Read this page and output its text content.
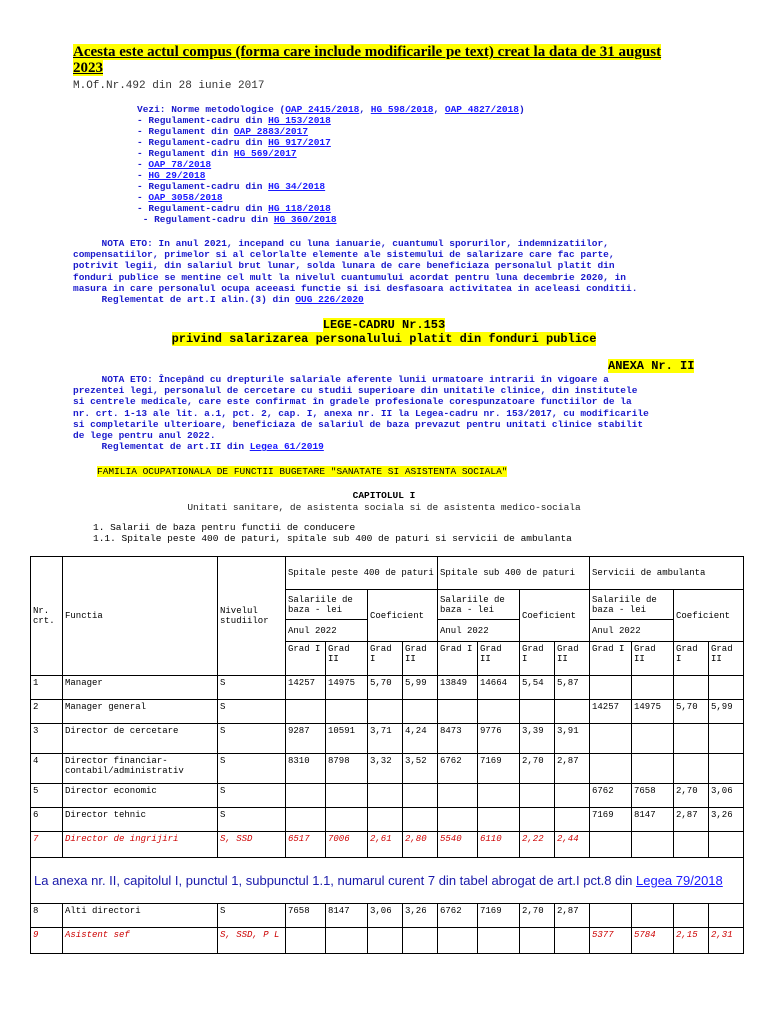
Acesta este actul compus (forma care include modificarile pe text) creat la data de 31 august 2023
M.Of.Nr.492 din 28 iunie 2017
Vezi: Norme metodologice (OAP 2415/2018, HG 598/2018, OAP 4827/2018)
- Regulament-cadru din HG 153/2018
- Regulament din OAP 2883/2017
- Regulament-cadru din HG 917/2017
- Regulament din HG 569/2017
- OAP 78/2018
- HG 29/2018
- Regulament-cadru din HG 34/2018
- OAP 3058/2018
- Regulament-cadru din HG 118/2018
- Regulament-cadru din HG 360/2018
NOTA ETO: In anul 2021, incepand cu luna ianuarie, cuantumul sporurilor, indemnizatiilor,
compensatiilor, primelor si al celorlalte elemente ale sistemului de salarizare care fac parte,
potrivit legii, din salariul brut lunar, solda lunara de care beneficiaza personalul platit din
fonduri publice se mentine cel mult la nivelul cuantumului acordat pentru luna decembrie 2020, in
masura in care personalul ocupa aceeasi functie si isi desfasoara activitatea in aceleasi conditii.
Reglementat de art.I alin.(3) din OUG 226/2020
LEGE-CADRU Nr.153
privind salarizarea personalului platit din fonduri publice
ANEXA Nr. II
NOTA ETO: Începând cu drepturile salariale aferente lunii urmatoare intrarii în vigoare a
prezentei legi, personalul de cercetare cu studii superioare din unitatile clinice, din institutele
si centrele medicale, care este confirmat în gradele profesionale corespunzatoare functiilor de la
nr. crt. 1-13 ale lit. a.1, pct. 2, cap. I, anexa nr. II la Legea-cadru nr. 153/2017, cu modificarile
si completarile ulterioare, beneficiaza de salariul de baza prevazut pentru unitati clinice stabilit
de lege pentru anul 2022.
Reglementat de art.II din Legea 61/2019
FAMILIA OCUPATIONALA DE FUNCTII BUGETARE "SANATATE SI ASISTENTA SOCIALA"
CAPITOLUL I
Unitati sanitare, de asistenta sociala si de asistenta medico-sociala
1. Salarii de baza pentru functii de conducere
1.1. Spitale peste 400 de paturi, spitale sub 400 de paturi si servicii de ambulanta
Nr. crt.	Functia	Nivelul studiilor	Spitale peste 400 de paturi				Spitale sub 400 de paturi				Servicii de ambulanta			
			Salariile de baza - lei		Coeficient		Salariile de baza - lei		Coeficient		Salariile de baza - lei		Coeficient	
			Anul 2022				Anul 2022				Anul 2022			
			Grad I	Grad II	Grad I	Grad II	Grad I	Grad II	Grad I	Grad II	Grad I	Grad II	Grad I	Grad II
1	Manager	S	14257	14975	5,70	5,99	13849	14664	5,54	5,87				
2	Manager general	S									14257	14975	5,70	5,99
3	Director de cercetare	S	9287	10591	3,71	4,24	8473	9776	3,39	3,91				
4	Director financiar-contabil/administrativ	S	8310	8798	3,32	3,52	6762	7169	2,70	2,87				
5	Director economic	S									6762	7658	2,70	3,06
6	Director tehnic	S									7169	8147	2,87	3,26
7	Director de ingrijiri	S, SSD	6517	7006	2,61	2,80	5540	6110	2,22	2,44				
La anexa nr. II, capitolul I, punctul 1, subpunctul 1.1, numarul curent 7 din tabel abrogat de art.I pct.8 din Legea 79/2018														
8	Alti directori	S	7658	8147	3,06	3,26	6762	7169	2,70	2,87				
9	Asistent sef	S, SSD, P L									5377	5784	2,15	2,31
